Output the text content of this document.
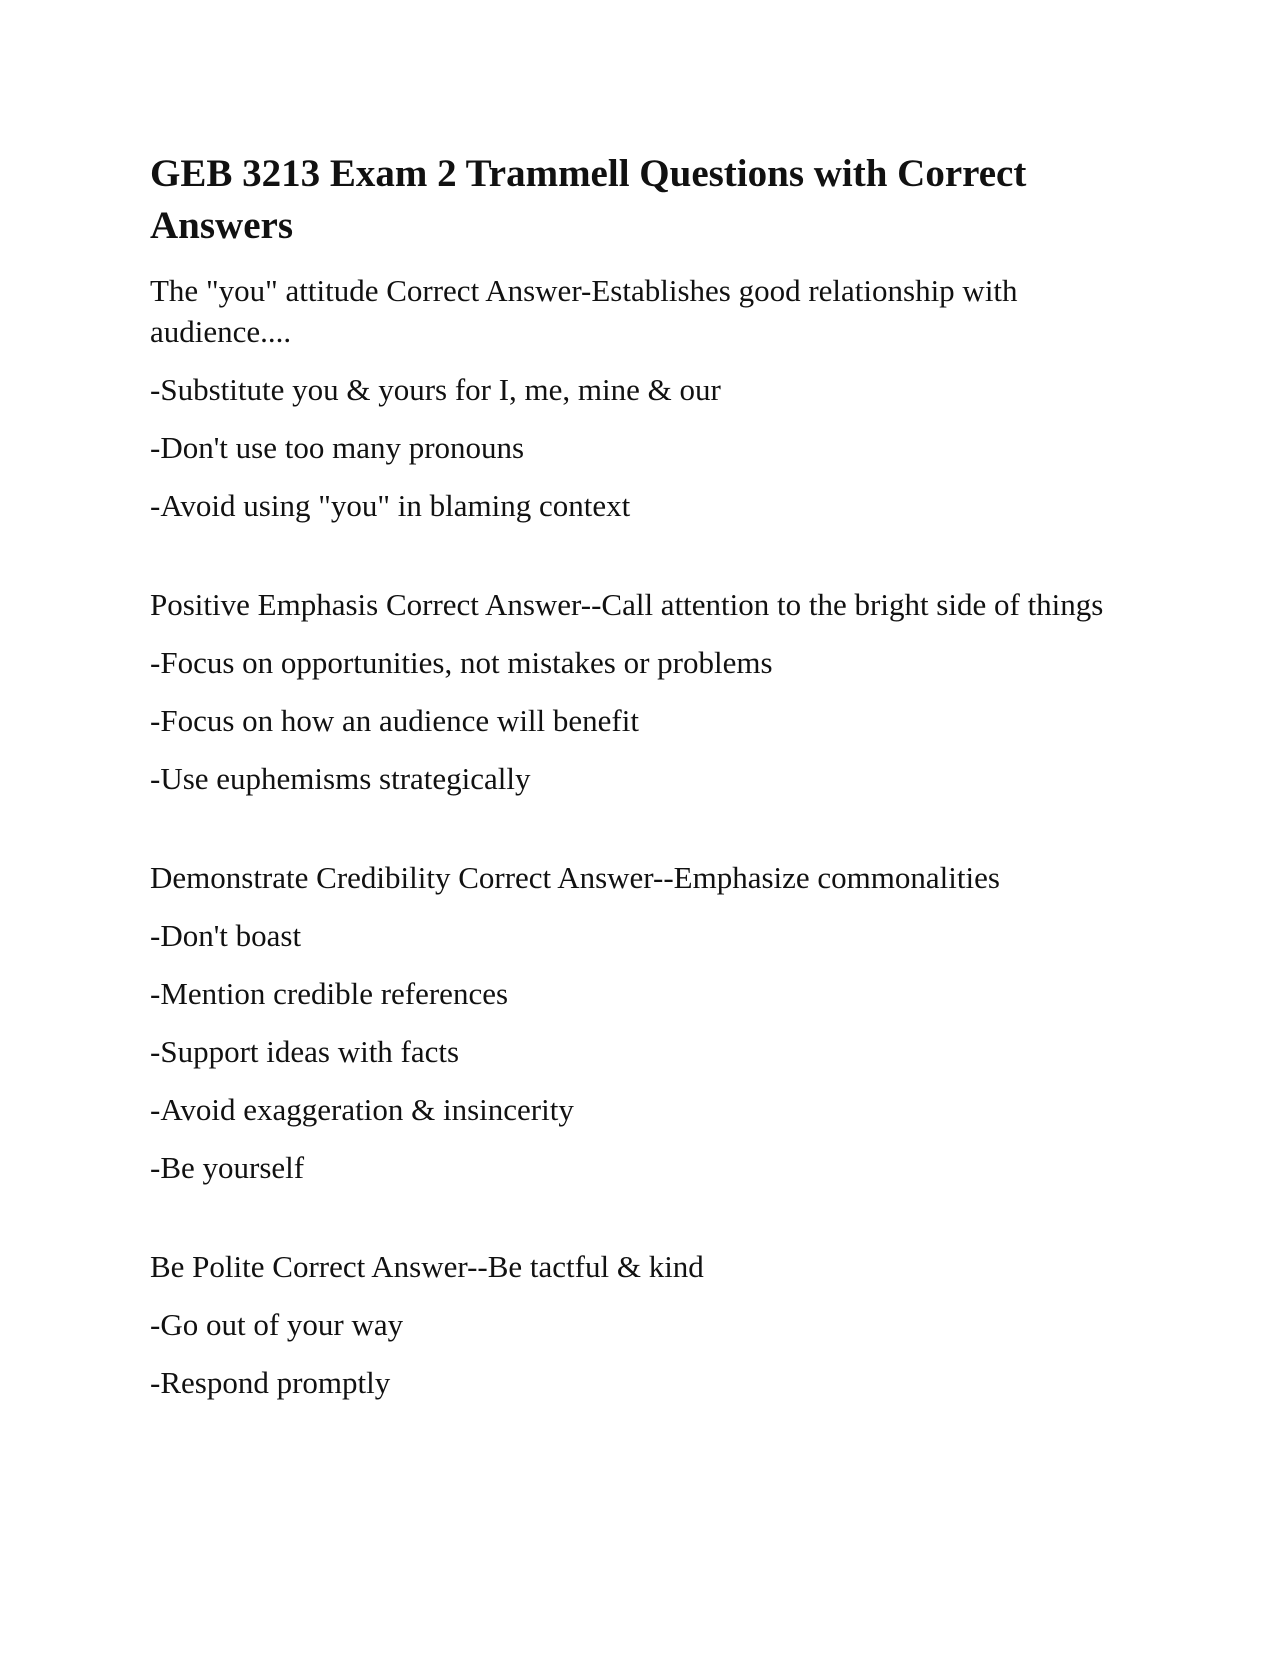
GEB 3213 Exam 2 Trammell Questions with Correct Answers

The "you" attitude Correct Answer-Establishes good relationship with audience....

-Substitute you & yours for I, me, mine & our

-Don't use too many pronouns

-Avoid using "you" in blaming context

Positive Emphasis Correct Answer--Call attention to the bright side of things

-Focus on opportunities, not mistakes or problems

-Focus on how an audience will benefit

-Use euphemisms strategically

Demonstrate Credibility Correct Answer--Emphasize commonalities

-Don't boast

-Mention credible references

-Support ideas with facts

-Avoid exaggeration & insincerity

-Be yourself

Be Polite Correct Answer--Be tactful & kind

-Go out of your way

-Respond promptly
